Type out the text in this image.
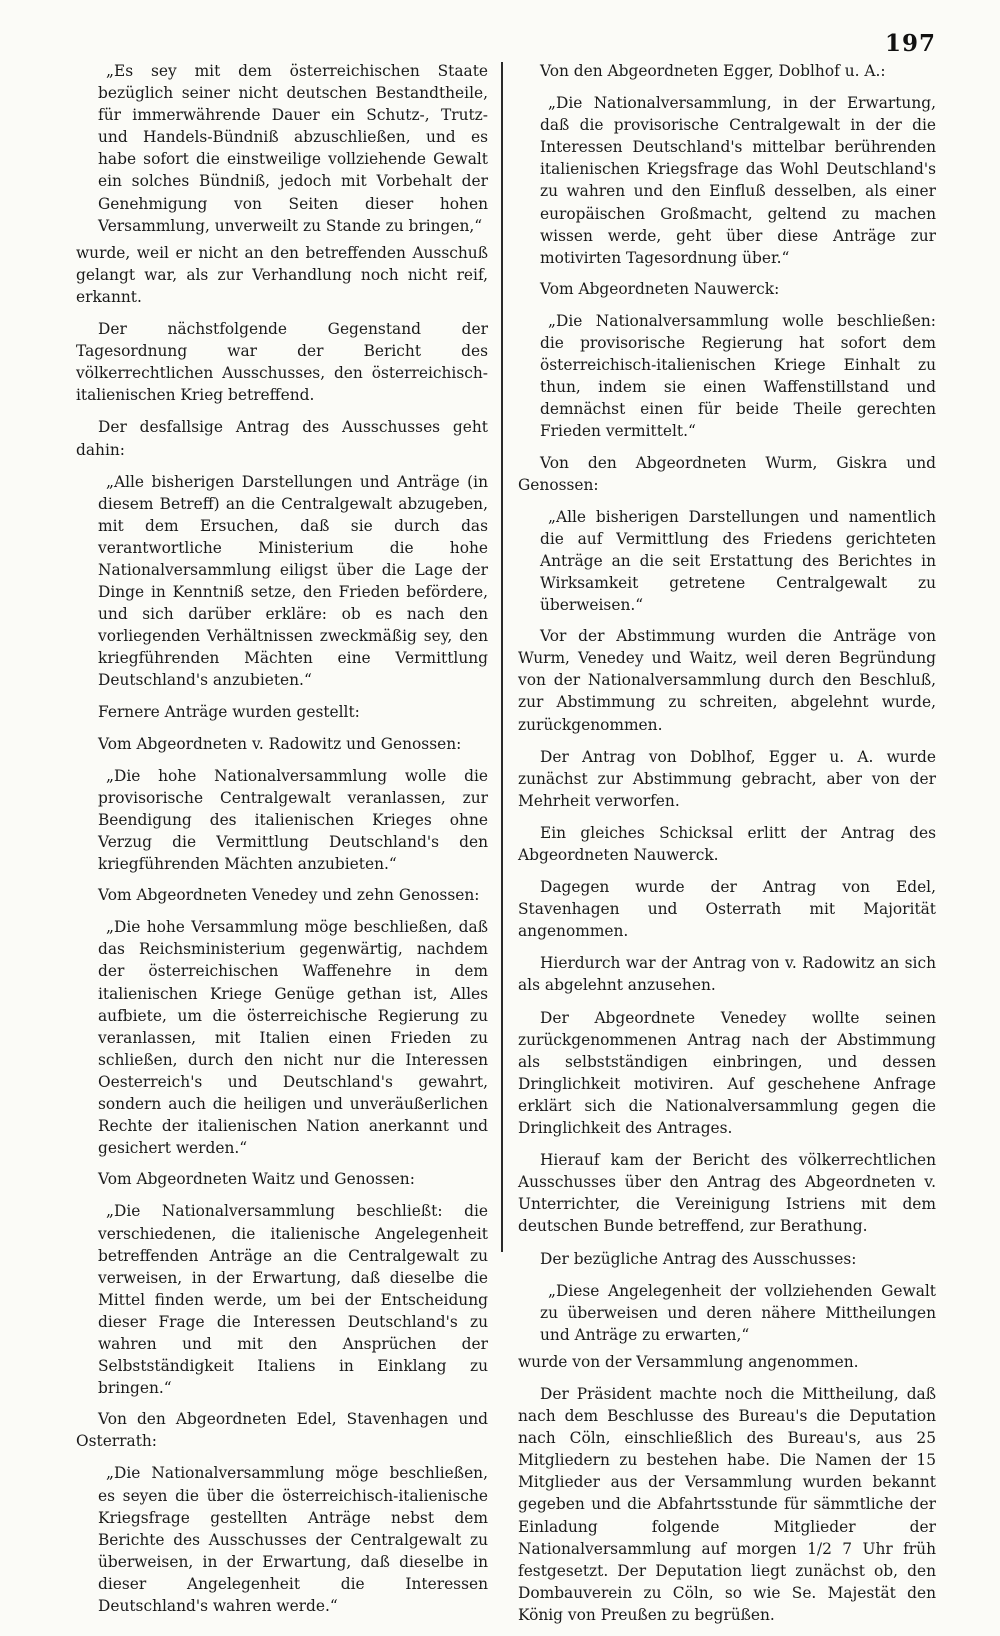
197

„Es sey mit dem österreichischen Staate bezüglich seiner nicht deutschen Bestandtheile, für immerwährende Dauer ein Schutz-, Trutz- und Handels-Bündniß abzuschließen, und es habe sofort die einstweilige vollziehende Gewalt ein solches Bündniß, jedoch mit Vorbehalt der Genehmigung von Seiten dieser hohen Versammlung, unverweilt zu Stande zu bringen,“

wurde, weil er nicht an den betreffenden Ausschuß gelangt war, als zur Verhandlung noch nicht reif, erkannt.

Der nächstfolgende Gegenstand der Tagesordnung war der Bericht des völkerrechtlichen Ausschusses, den österreichisch-italienischen Krieg betreffend.

Der desfallsige Antrag des Ausschusses geht dahin:

„Alle bisherigen Darstellungen und Anträge (in diesem Betreff) an die Centralgewalt abzugeben, mit dem Ersuchen, daß sie durch das verantwortliche Ministerium die hohe Nationalversammlung eiligst über die Lage der Dinge in Kenntniß setze, den Frieden befördere, und sich darüber erkläre: ob es nach den vorliegenden Verhältnissen zweckmäßig sey, den kriegführenden Mächten eine Vermittlung Deutschland's anzubieten.“

Fernere Anträge wurden gestellt:

Vom Abgeordneten v. Radowitz und Genossen:

„Die hohe Nationalversammlung wolle die provisorische Centralgewalt veranlassen, zur Beendigung des italienischen Krieges ohne Verzug die Vermittlung Deutschland's den kriegführenden Mächten anzubieten.“

Vom Abgeordneten Venedey und zehn Genossen:

„Die hohe Versammlung möge beschließen, daß das Reichsministerium gegenwärtig, nachdem der österreichischen Waffenehre in dem italienischen Kriege Genüge gethan ist, Alles aufbiete, um die österreichische Regierung zu veranlassen, mit Italien einen Frieden zu schließen, durch den nicht nur die Interessen Oesterreich's und Deutschland's gewahrt, sondern auch die heiligen und unveräußerlichen Rechte der italienischen Nation anerkannt und gesichert werden.“

Vom Abgeordneten Waitz und Genossen:

„Die Nationalversammlung beschließt: die verschiedenen, die italienische Angelegenheit betreffenden Anträge an die Centralgewalt zu verweisen, in der Erwartung, daß dieselbe die Mittel finden werde, um bei der Entscheidung dieser Frage die Interessen Deutschland's zu wahren und mit den Ansprüchen der Selbstständigkeit Italiens in Einklang zu bringen.“

Von den Abgeordneten Edel, Stavenhagen und Osterrath:

„Die Nationalversammlung möge beschließen, es seyen die über die österreichisch-italienische Kriegsfrage gestellten Anträge nebst dem Berichte des Ausschusses der Centralgewalt zu überweisen, in der Erwartung, daß dieselbe in dieser Angelegenheit die Interessen Deutschland's wahren werde.“

Von den Abgeordneten Egger, Doblhof u. A.:

„Die Nationalversammlung, in der Erwartung, daß die provisorische Centralgewalt in der die Interessen Deutschland's mittelbar berührenden italienischen Kriegsfrage das Wohl Deutschland's zu wahren und den Einfluß desselben, als einer europäischen Großmacht, geltend zu machen wissen werde, geht über diese Anträge zur motivirten Tagesordnung über.“

Vom Abgeordneten Nauwerck:

„Die Nationalversammlung wolle beschließen: die provisorische Regierung hat sofort dem österreichisch-italienischen Kriege Einhalt zu thun, indem sie einen Waffenstillstand und demnächst einen für beide Theile gerechten Frieden vermittelt.“

Von den Abgeordneten Wurm, Giskra und Genossen:

„Alle bisherigen Darstellungen und namentlich die auf Vermittlung des Friedens gerichteten Anträge an die seit Erstattung des Berichtes in Wirksamkeit getretene Centralgewalt zu überweisen.“

Vor der Abstimmung wurden die Anträge von Wurm, Venedey und Waitz, weil deren Begründung von der Nationalversammlung durch den Beschluß, zur Abstimmung zu schreiten, abgelehnt wurde, zurückgenommen.

Der Antrag von Doblhof, Egger u. A. wurde zunächst zur Abstimmung gebracht, aber von der Mehrheit verworfen.

Ein gleiches Schicksal erlitt der Antrag des Abgeordneten Nauwerck.

Dagegen wurde der Antrag von Edel, Stavenhagen und Osterrath mit Majorität angenommen.

Hierdurch war der Antrag von v. Radowitz an sich als abgelehnt anzusehen.

Der Abgeordnete Venedey wollte seinen zurückgenommenen Antrag nach der Abstimmung als selbstständigen einbringen, und dessen Dringlichkeit motiviren. Auf geschehene Anfrage erklärt sich die Nationalversammlung gegen die Dringlichkeit des Antrages.

Hierauf kam der Bericht des völkerrechtlichen Ausschusses über den Antrag des Abgeordneten v. Unterrichter, die Vereinigung Istriens mit dem deutschen Bunde betreffend, zur Berathung.

Der bezügliche Antrag des Ausschusses:

„Diese Angelegenheit der vollziehenden Gewalt zu überweisen und deren nähere Mittheilungen und Anträge zu erwarten,“

wurde von der Versammlung angenommen.

Der Präsident machte noch die Mittheilung, daß nach dem Beschlusse des Bureau's die Deputation nach Cöln, einschließlich des Bureau's, aus 25 Mitgliedern zu bestehen habe. Die Namen der 15 Mitglieder aus der Versammlung wurden bekannt gegeben und die Abfahrtsstunde für sämmtliche der Einladung folgende Mitglieder der Nationalversammlung auf morgen 1/2 7 Uhr früh festgesetzt. Der Deputation liegt zunächst ob, den Dombauverein zu Cöln, so wie Se. Majestät den König von Preußen zu begrüßen.
